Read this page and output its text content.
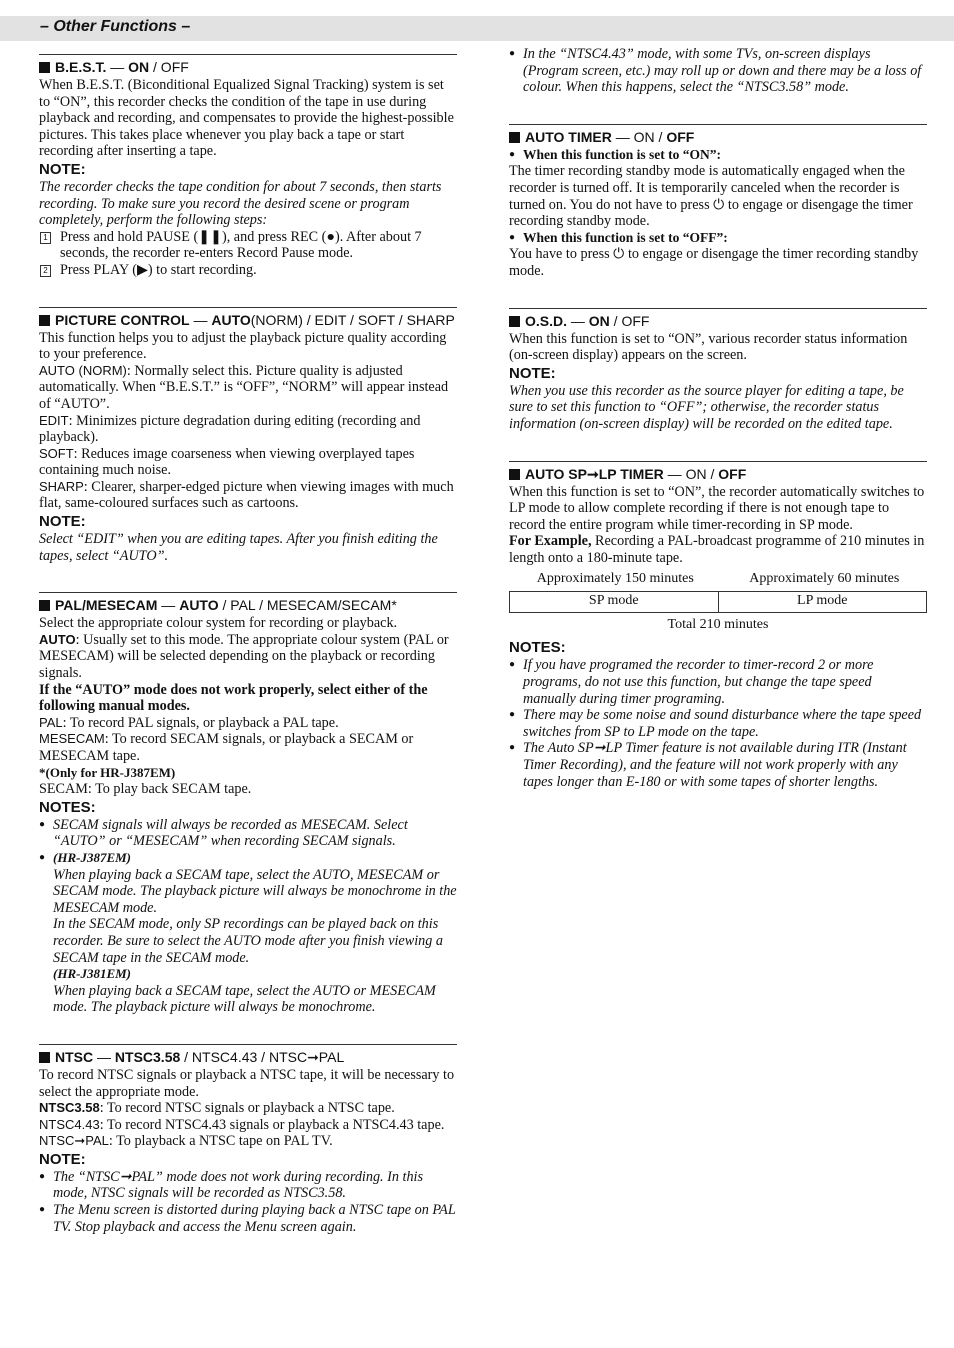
– Other Functions –
B.E.S.T. — ON / OFF

When B.E.S.T. (Biconditional Equalized Signal Tracking) system is set to “ON”, this recorder checks the condition of the tape in use during playback and recording, and compensates to provide the highest-possible pictures. This takes place whenever you play back a tape or start recording after inserting a tape.

NOTE:

The recorder checks the tape condition for about 7 seconds, then starts recording. To make sure you record the desired scene or program completely, perform the following steps:

1 Press and hold PAUSE (❚❚), and press REC (●). After about 7 seconds, the recorder re-enters Record Pause mode.
2 Press PLAY (▶) to start recording.
PICTURE CONTROL — AUTO(NORM) / EDIT / SOFT / SHARP

This function helps you to adjust the playback picture quality according to your preference.

AUTO (NORM): Normally select this. Picture quality is adjusted automatically. When “B.E.S.T.” is “OFF”, “NORM” will appear instead of “AUTO”.

EDIT: Minimizes picture degradation during editing (recording and playback).

SOFT: Reduces image coarseness when viewing overplayed tapes containing much noise.

SHARP: Clearer, sharper-edged picture when viewing images with much flat, same-coloured surfaces such as cartoons.

NOTE:

Select “EDIT” when you are editing tapes. After you finish editing the tapes, select “AUTO”.

PAL/MESECAM — AUTO / PAL / MESECAM/SECAM*

Select the appropriate colour system for recording or playback.

AUTO: Usually set to this mode. The appropriate colour system (PAL or MESECAM) will be selected depending on the playback or recording signals.

If the “AUTO” mode does not work properly, select either of the following manual modes.

PAL: To record PAL signals, or playback a PAL tape.

MESECAM: To record SECAM signals, or playback a SECAM or MESECAM tape.

*(Only for HR-J387EM)

SECAM: To play back SECAM tape.

NOTES:

● SECAM signals will always be recorded as MESECAM. Select “AUTO” or “MESECAM” when recording SECAM signals.

● (HR-J387EM)

When playing back a SECAM tape, select the AUTO, MESECAM or SECAM mode. The playback picture will always be monochrome in the MESECAM mode.

In the SECAM mode, only SP recordings can be played back on this recorder. Be sure to select the AUTO mode after you finish viewing a SECAM tape in the SECAM mode.

(HR-J381EM)

When playing back a SECAM tape, select the AUTO or MESECAM mode. The playback picture will always be monochrome.

NTSC — NTSC3.58 / NTSC4.43 / NTSC➞PAL

To record NTSC signals or playback a NTSC tape, it will be necessary to select the appropriate mode.

NTSC3.58: To record NTSC signals or playback a NTSC tape.

NTSC4.43: To record NTSC4.43 signals or playback a NTSC4.43 tape.

NTSC➞PAL: To playback a NTSC tape on PAL TV.

NOTE:

● The “NTSC➞PAL” mode does not work during recording. In this mode, NTSC signals will be recorded as NTSC3.58.

● The Menu screen is distorted during playing back a NTSC tape on PAL TV. Stop playback and access the Menu screen again.

● In the “NTSC4.43” mode, with some TVs, on-screen displays (Program screen, etc.) may roll up or down and there may be a loss of colour. When this happens, select the “NTSC3.58” mode.

AUTO TIMER — ON / OFF

● When this function is set to “ON”:

The timer recording standby mode is automatically engaged when the recorder is turned off. It is temporarily canceled when the recorder is turned on. You do not have to press ⏻ to engage or disengage the timer recording standby mode.

● When this function is set to “OFF”:

You have to press ⏻ to engage or disengage the timer recording standby mode.

O.S.D. — ON / OFF

When this function is set to “ON”, various recorder status information (on-screen display) appears on the screen.

NOTE:

When you use this recorder as the source player for editing a tape, be sure to set this function to “OFF”; otherwise, the recorder status information (on-screen display) will be recorded on the edited tape.

AUTO SP➞LP TIMER — ON / OFF

When this function is set to “ON”, the recorder automatically switches to LP mode to allow complete recording if there is not enough tape to record the entire program while timer-recording in SP mode.

For Example, Recording a PAL-broadcast programme of 210 minutes in length onto a 180-minute tape.

Approximately 150 minutes	Approximately 60 minutes
SP mode	LP mode
Total 210 minutes
NOTES:

● If you have programed the recorder to timer-record 2 or more programs, do not use this function, but change the tape speed manually during timer programing.

● There may be some noise and sound disturbance where the tape speed switches from SP to LP mode on the tape.

● The Auto SP➞LP Timer feature is not available during ITR (Instant Timer Recording), and the feature will not work properly with any tapes longer than E-180 or with some tapes of shorter lengths.
